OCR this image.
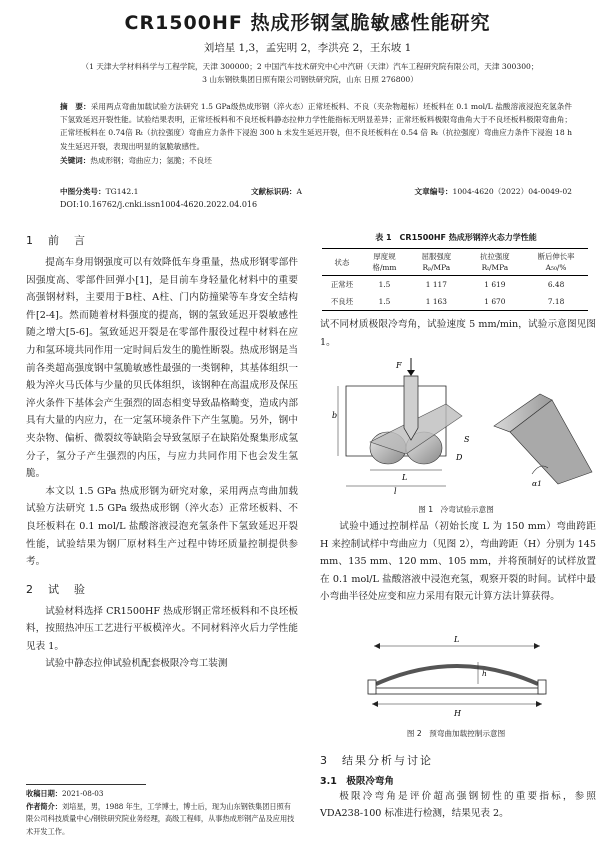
CR1500HF 热成形钢氢脆敏感性能研究
刘培星 1,3，孟宪明 2，李洪亮 2，王东坡 1
（1 天津大学材料科学与工程学院，天津 300000；2 中国汽车技术研究中心中汽研（天津）汽车工程研究院有限公司，天津 300300；
3 山东钢铁集团日照有限公司钢铁研究院，山东 日照 276800）
摘　要：采用两点弯曲加载试验方法研究 1.5 GPa级热成形钢（淬火态）正常坯板料、不良（夹杂物超标）坯板料在 0.1 mol/L 盐酸溶液浸泡充氢条件下氢致延迟开裂性能。试验结果表明，正常坯板料和不良坯板料静态拉伸力学性能指标无明显差异；正常坯板料极限弯曲角大于不良坯板料极限弯曲角；正常坯板料在 0.74倍 Rₜ（抗拉强度）弯曲应力条件下浸泡 300 h 未发生延迟开裂，但不良坯板料在 0.54 倍 Rₜ（抗拉强度）弯曲应力条件下浸泡 18 h 发生延迟开裂，表现出明显的氢脆敏感性。
关键词：热成形钢；弯曲应力；氢脆；不良坯
中图分类号：TG142.1	文献标识码：A	文章编号：1004-4620（2022）04-0049-02
DOI:10.16762/j.cnki.issn1004-4620.2022.04.016
1　前　言

提高车身用钢强度可以有效降低车身重量，热成形钢零部件因强度高、零部件回弹小[1]，是目前车身轻量化材料中的重要高强钢材料，主要用于B柱、A柱、门内防撞梁等车身安全结构件[2-4]。然而随着材料强度的提高，钢的氢致延迟开裂敏感性随之增大[5-6]。氢致延迟开裂是在零部件服役过程中材料在应力和氢环境共同作用一定时间后发生的脆性断裂。热成形钢是当前各类超高强度钢中氢脆敏感性最强的一类钢种，其基体组织一般为淬火马氏体与少量的贝氏体组织，该钢种在高温成形及保压淬火条件下基体会产生强烈的固态相变导致晶格畸变，造成内部具有大量的内应力，在一定氢环境条件下产生氢脆。另外，钢中夹杂物、偏析、微裂纹等缺陷会导致氢原子在缺陷处聚集形成氢分子，氢分子产生强烈的内压，与应力共同作用下也会发生氢脆。

本文以 1.5 GPa 热成形钢为研究对象，采用两点弯曲加载试验方法研究 1.5 GPa 级热成形钢（淬火态）正常坯板料、不良坯板料在 0.1 mol/L 盐酸溶液浸泡充氢条件下氢致延迟开裂性能，试验结果为钢厂原材料生产过程中铸坯质量控制提供参考。

2　试　验

试验材料选择 CR1500HF 热成形钢正常坯板料和不良坯板料，按照热冲压工艺进行平板模淬火。不同材料淬火后力学性能见表 1。

试验中静态拉伸试验机配套极限冷弯工装测

收稿日期：2021-08-03
作者简介：刘培星，男，1988 年生，工学博士，博士后，现为山东钢铁集团日照有限公司科技质量中心/钢铁研究院业务经理，高级工程师，从事热成形钢产品及应用技术开发工作。
表 1　CR1500HF 热成形钢淬火态力学性能
状态	厚度规格/mm	屈服强度 Rₚ/MPa	抗拉强度 Rₜ/MPa	断后伸长率 A₅₀/%
正常坯	1.5	1 117	1 619	6.48
不良坯	1.5	1 163	1 670	7.18

试不同材质极限冷弯角，试验速度 5 mm/min，试验示意图见图 1。

F
b
S
D
L
l
α1
图 1　冷弯试验示意图

试验中通过控制样品（初始长度 L 为 150 mm）弯曲跨距 H 来控制试样中弯曲应力（见图 2），弯曲跨距（H）分别为 145 mm、135 mm、120 mm、105 mm，并将预制好的试样放置在 0.1 mol/L 盐酸溶液中浸泡充氢，观察开裂的时间。试样中最小弯曲半径处应变和应力采用有限元计算方法计算获得。

L
h
H
图 2　预弯曲加载控制示意图
3　结果分析与讨论
3.1　极限冷弯角

极限冷弯角是评价超高强钢韧性的重要指标，参照 VDA238-100 标准进行检测，结果见表 2。
